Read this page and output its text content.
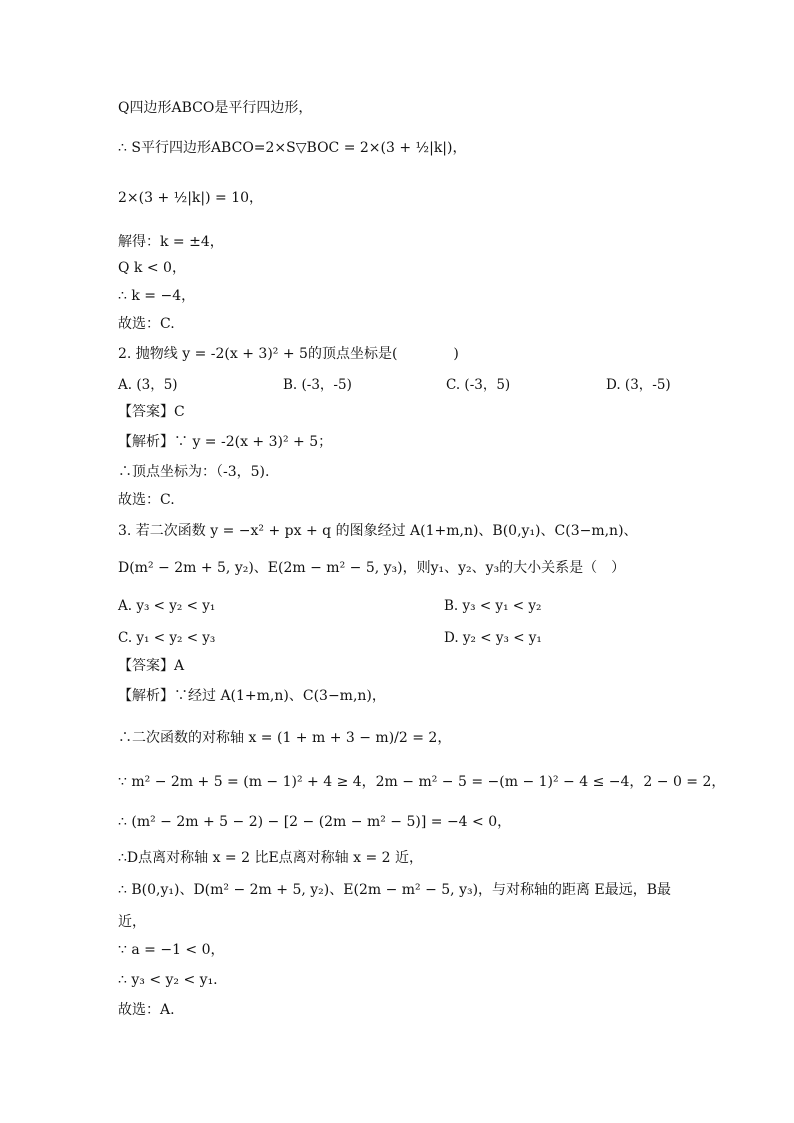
Q四边形ABCO是平行四边形，
∴ S平行四边形ABCO=2×S▽BOC = 2×(3 + ½|k|)，
2×(3 + ½|k|) = 10，
解得：k = ±4，
Q k < 0，
∴ k = −4，
故选：C.
2. 抛物线 y = -2(x + 3)² + 5的顶点坐标是(　　　　)
A. (3，5)	B. (-3，-5)	C. (-3，5)	D. (3，-5)
【答案】C
【解析】∵ y = -2(x + 3)² + 5；
∴顶点坐标为：（-3，5).
故选：C.
3. 若二次函数 y = −x² + px + q 的图象经过 A(1+m,n)、B(0,y₁)、C(3−m,n)、
D(m² − 2m + 5, y₂)、E(2m − m² − 5, y₃)，则y₁、y₂、y₃的大小关系是（　）
A. y₃ < y₂ < y₁	B. y₃ < y₁ < y₂
C. y₁ < y₂ < y₃	D. y₂ < y₃ < y₁
【答案】A
【解析】∵经过 A(1+m,n)、C(3−m,n)，
∴二次函数的对称轴 x = (1 + m + 3 − m)/2 = 2，
∵ m² − 2m + 5 = (m − 1)² + 4 ≥ 4，2m − m² − 5 = −(m − 1)² − 4 ≤ −4，2 − 0 = 2，
∴ (m² − 2m + 5 − 2) − [2 − (2m − m² − 5)] = −4 < 0，
∴D点离对称轴 x = 2 比E点离对称轴 x = 2 近，
∴ B(0,y₁)、D(m² − 2m + 5, y₂)、E(2m − m² − 5, y₃)，与对称轴的距离 E最远，B最
近，
∵ a = −1 < 0，
∴ y₃ < y₂ < y₁.
故选：A.
